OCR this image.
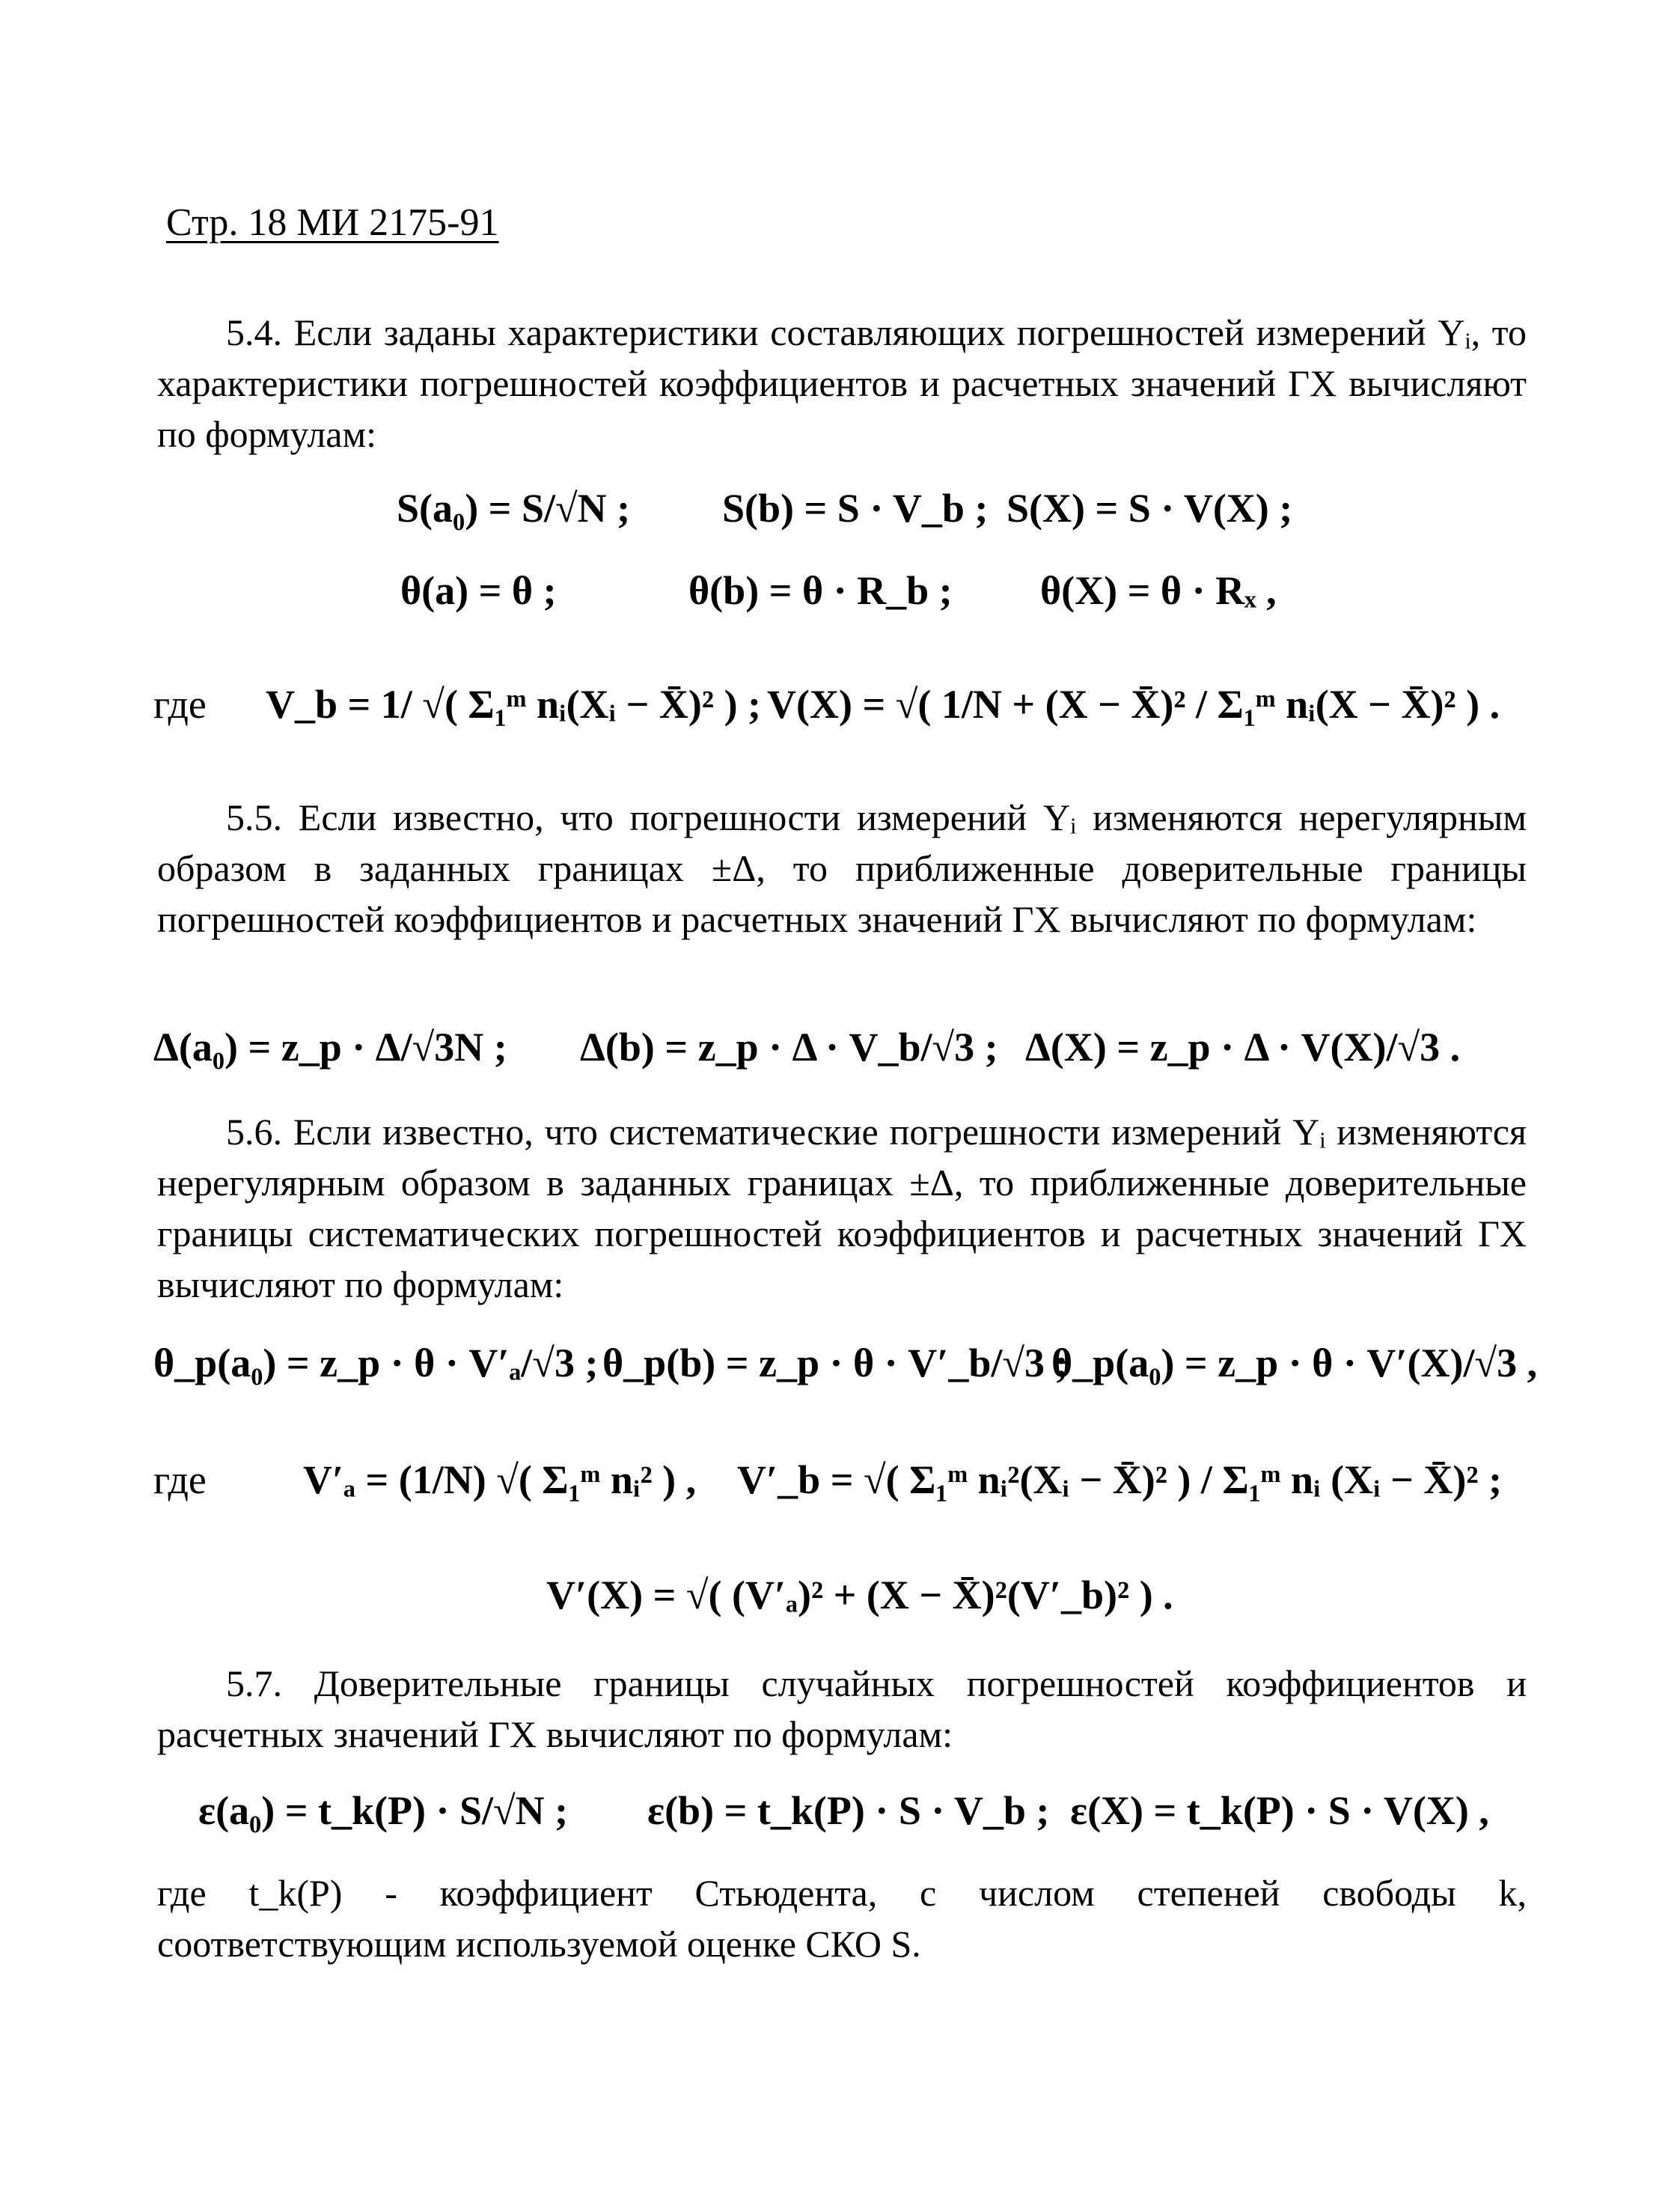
Стр. 18 МИ 2175-91
5.4. Если заданы характеристики составляющих погрешностей измерений Yᵢ, то характеристики погрешностей коэффициентов и расчетных значений ГХ вычисляют по формулам:
S(a₀) = S/√N ; S(b) = S · V_b ; S(X) = S · V(X) ;
θ(a) = θ ;	θ(b) = θ · R_b ; θ(X) = θ · Rₓ ,
где V_b = 1/ √( Σ₁ᵐ nᵢ(Xᵢ − X̄)² ) ; V(X) = √( 1/N + (X − X̄)² / Σ₁ᵐ nᵢ(X − X̄)² ) .
5.5. Если известно, что погрешности измерений Yᵢ изменяются нерегулярным образом в заданных границах ±Δ, то приближенные доверительные границы погрешностей коэффициентов и расчетных значений ГХ вычисляют по формулам:
Δ(a₀) = z_p · Δ/√3N ; Δ(b) = z_p · Δ · V_b/√3 ; Δ(X) = z_p · Δ · V(X)/√3 .
5.6. Если известно, что систематические погрешности измерений Yᵢ изменяются нерегулярным образом в заданных границах ±Δ, то приближенные доверительные границы систематических погрешностей коэффициентов и расчетных значений ГХ вычисляют по формулам:
θ_p(a₀) = z_p · θ · V′ₐ/√3 ; θ_p(b) = z_p · θ · V′_b/√3 ;
θ_p(a₀) = z_p · θ · V′(X)/√3 ,
где V′ₐ = (1/N) √( Σ₁ᵐ nᵢ² ) , V′_b = √( Σ₁ᵐ nᵢ²(Xᵢ − X̄)² ) / Σ₁ᵐ nᵢ (Xᵢ − X̄)² ;
V′(X) = √( (V′ₐ)² + (X − X̄)²(V′_b)² ) .
5.7. Доверительные границы случайных погрешностей коэффициентов и расчетных значений ГХ вычисляют по формулам:
ε(a₀) = t_k(P) · S/√N ; ε(b) = t_k(P) · S · V_b ; ε(X) = t_k(P) · S · V(X) ,
где t_k(P) - коэффициент Стьюдента, с числом степеней свободы k, соответствующим используемой оценке СКО S.
